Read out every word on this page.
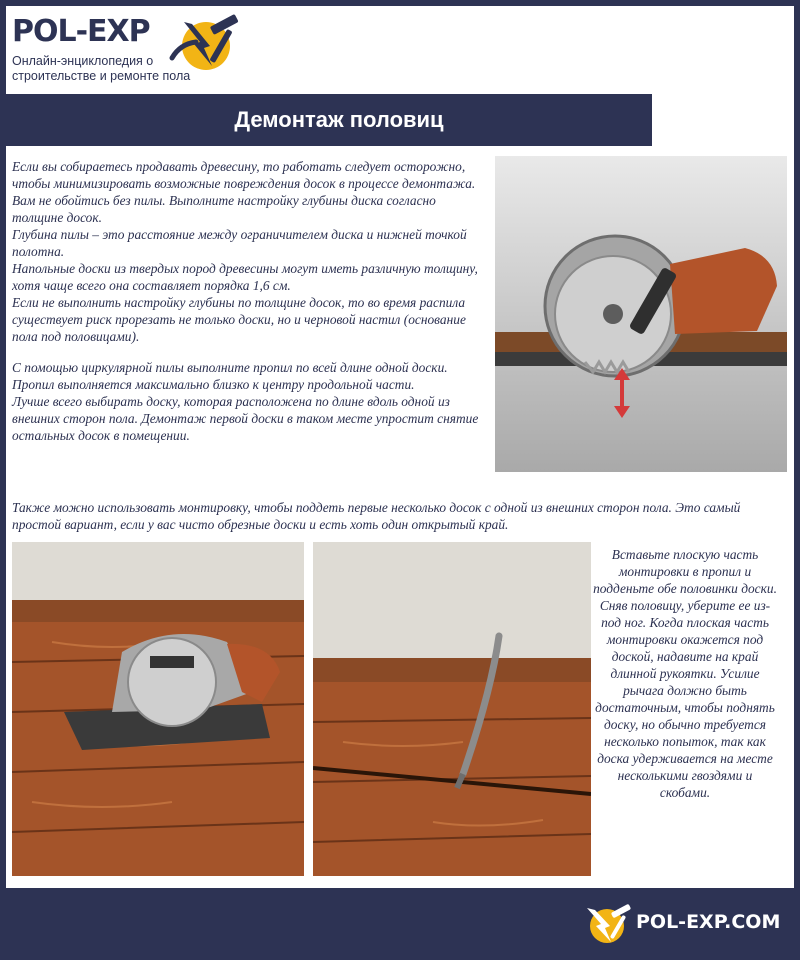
POL-EXP
Онлайн-энциклопедия о строительстве и ремонте пола
Демонтаж половиц

Если вы собираетесь продавать древесину, то работать следует осторожно, чтобы минимизировать возможные повреждения досок в процессе демонтажа.

Вам не обойтись без пилы. Выполните настройку глубины диска согласно толщине досок.

Глубина пилы – это расстояние между ограничителем диска и нижней точкой полотна.

Напольные доски из твердых пород древесины могут иметь различную толщину, хотя чаще всего она составляет порядка 1,6 см.

Если не выполнить настройку глубины по толщине досок, то во время распила существует риск прорезать не только доски, но и черновой настил (основание пола под половицами).

С помощью циркулярной пилы выполните пропил по всей длине одной доски. Пропил выполняется максимально близко к центру продольной части.

Лучше всего выбирать доску, которая расположена по длине вдоль одной из внешних сторон пола. Демонтаж первой доски в таком месте упростит снятие остальных досок в помещении.

Также можно использовать монтировку, чтобы поддеть первые несколько досок с одной из внешних сторон пола. Это самый простой вариант, если у вас чисто обрезные доски и есть хоть один открытый край.
Вставьте плоскую часть монтировки в пропил и подденьте обе половинки доски. Сняв половицу, уберите ее из-под ног. Когда плоская часть монтировки окажется под доской, надавите на край длинной рукоятки. Усилие рычага должно быть достаточным, чтобы поднять доску, но обычно требуется несколько попыток, так как доска удерживается на месте несколькими гвоздями и скобами.
POL-EXP.COM
